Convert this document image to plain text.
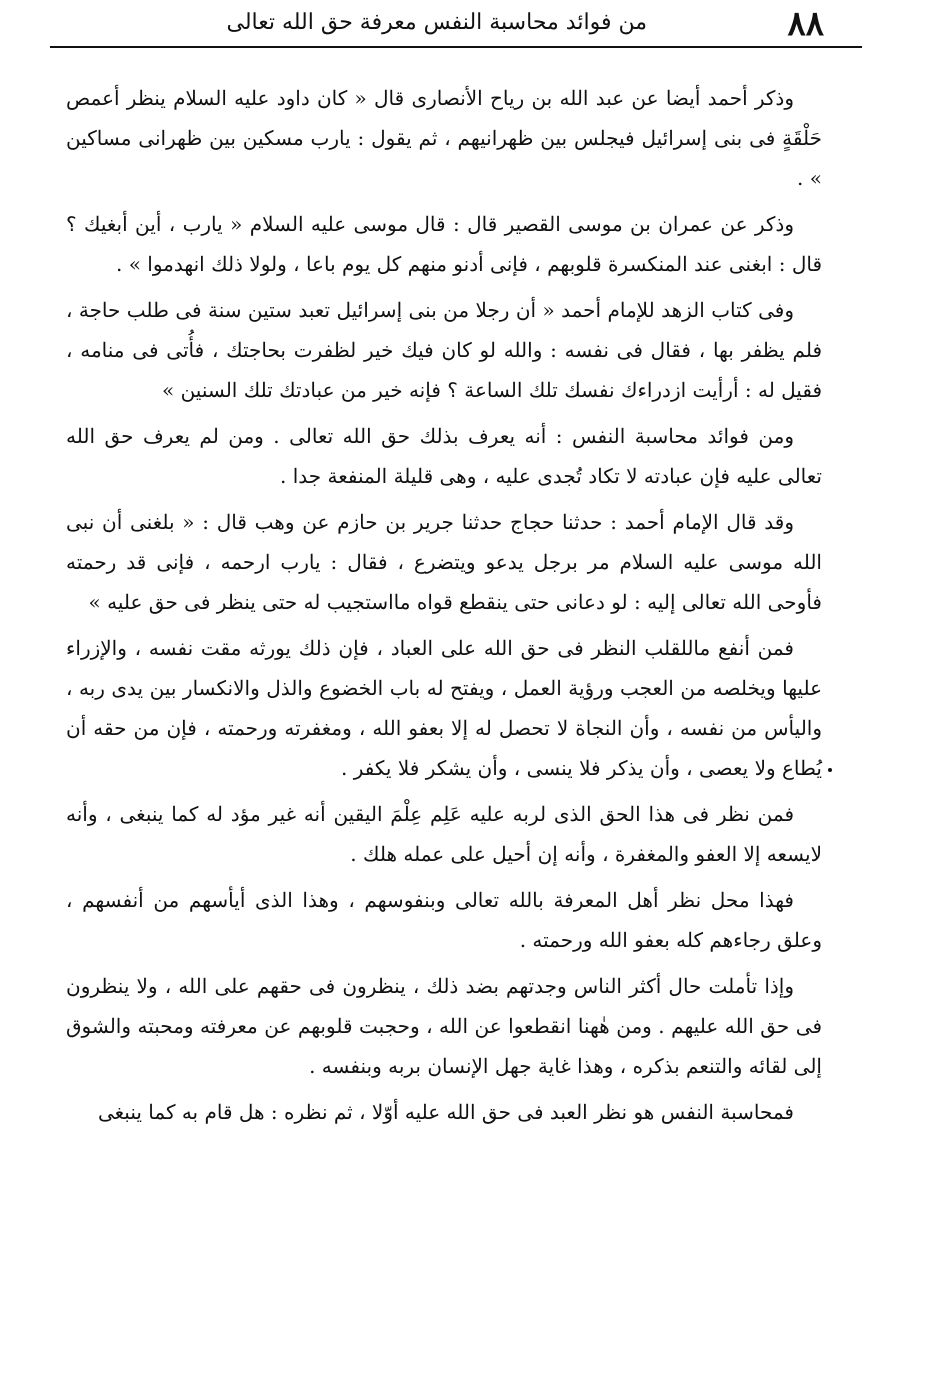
من فوائد محاسبة النفس معرفة حق الله تعالى	٨٨

وذكر أحمد أيضا عن عبد الله بن رياح الأنصارى قال « كان داود عليه السلام ينظر أعمص حَلْقَةٍ فى بنى إسرائيل فيجلس بين ظهرانيهم ، ثم يقول : يارب مسكين بين ظهرانى مساكين » .

وذكر عن عمران بن موسى القصير قال : قال موسى عليه السلام « يارب ، أين أبغيك ؟ قال : ابغنى عند المنكسرة قلوبهم ، فإنى أدنو منهم كل يوم باعا ، ولولا ذلك انهدموا » .

وفى كتاب الزهد للإمام أحمد « أن رجلا من بنى إسرائيل تعبد ستين سنة فى طلب حاجة ، فلم يظفر بها ، فقال فى نفسه : والله لو كان فيك خير لظفرت بحاجتك ، فأُتى فى منامه ، فقيل له : أرأيت ازدراءك نفسك تلك الساعة ؟ فإنه خير من عبادتك تلك السنين »

ومن فوائد محاسبة النفس : أنه يعرف بذلك حق الله تعالى . ومن لم يعرف حق الله تعالى عليه فإن عبادته لا تكاد تُجدى عليه ، وهى قليلة المنفعة جدا .

وقد قال الإمام أحمد : حدثنا حجاج حدثنا جرير بن حازم عن وهب قال : « بلغنى أن نبى الله موسى عليه السلام مر برجل يدعو ويتضرع ، فقال : يارب ارحمه ، فإنى قد رحمته فأوحى الله تعالى إليه : لو دعانى حتى ينقطع قواه مااستجيب له حتى ينظر فى حق عليه »

فمن أنفع ماللقلب النظر فى حق الله على العباد ، فإن ذلك يورثه مقت نفسه ، والإزراء عليها ويخلصه من العجب ورؤية العمل ، ويفتح له باب الخضوع والذل والانكسار بين يدى ربه ، واليأس من نفسه ، وأن النجاة لا تحصل له إلا بعفو الله ، ومغفرته ورحمته ، فإن من حقه أن يُطاع ولا يعصى ، وأن يذكر فلا ينسى ، وأن يشكر فلا يكفر .

فمن نظر فى هذا الحق الذى لربه عليه عَلِم عِلْمَ اليقين أنه غير مؤد له كما ينبغى ، وأنه لايسعه إلا العفو والمغفرة ، وأنه إن أحيل على عمله هلك .

فهذا محل نظر أهل المعرفة بالله تعالى وبنفوسهم ، وهذا الذى أيأسهم من أنفسهم ، وعلق رجاءهم كله بعفو الله ورحمته .

وإذا تأملت حال أكثر الناس وجدتهم بضد ذلك ، ينظرون فى حقهم على الله ، ولا ينظرون فى حق الله عليهم . ومن هٰهنا انقطعوا عن الله ، وحجبت قلوبهم عن معرفته ومحبته والشوق إلى لقائه والتنعم بذكره ، وهذا غاية جهل الإنسان بربه وبنفسه .

فمحاسبة النفس هو نظر العبد فى حق الله عليه أوّلا ، ثم نظره : هل قام به كما ينبغى
